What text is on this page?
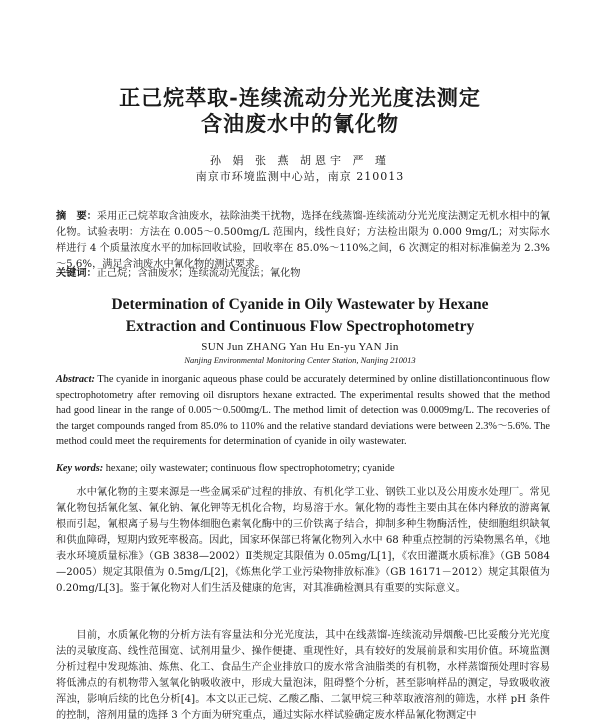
正己烷萃取-连续流动分光光度法测定
含油废水中的氰化物
孙 娟 张 燕 胡恩宇 严 瑾
南京市环境监测中心站，南京 210013
摘　要：采用正己烷萃取含油废水，祛除油类干扰物，选择在线蒸馏-连续流动分光光度法测定无机水相中的氰化物。试验表明：方法在 0.005～0.500mg/L 范围内，线性良好；方法检出限为 0.000 9mg/L；对实际水样进行 4 个质量浓度水平的加标回收试验，回收率在 85.0%～110%之间，6 次测定的相对标准偏差为 2.3%～5.6%，满足含油废水中氰化物的测试要求。
关键词：正己烷；含油废水；连续流动光度法；氰化物
Determination of Cyanide in Oily Wastewater by Hexane
Extraction and Continuous Flow Spectrophotometry
SUN Jun ZHANG Yan Hu En-yu YAN Jin
Nanjing Environmental Monitoring Center Station, Nanjing 210013
Abstract: The cyanide in inorganic aqueous phase could be accurately determined by online distillationcontinuous flow spectrophotometry after removing oil disruptors hexane extracted. The experimental results showed that the method had good linear in the range of 0.005～0.500mg/L. The method limit of detection was 0.0009mg/L. The recoveries of the target compounds ranged from 85.0% to 110% and the relative standard deviations were between 2.3%～5.6%. The method could meet the requirements for determination of cyanide in oily wastewater.
Key words: hexane; oily wastewater; continuous flow spectrophotometry; cyanide
水中氰化物的主要来源是一些金属采矿过程的排放、有机化学工业、钢铁工业以及公用废水处理厂。常见氰化物包括氰化氢、氰化钠、氰化钾等无机化合物，均易溶于水。氰化物的毒性主要由其在体内释放的游离氰根而引起，氰根离子易与生物体细胞色素氧化酶中的三价铁离子结合，抑制多种生物酶活性，使细胞组织缺氧和供血障碍，短期内致死率极高。因此，国家环保部已将氰化物列入水中 68 种重点控制的污染物黑名单，《地表水环境质量标准》（GB 3838—2002）Ⅱ类规定其限值为 0.05mg/L[1]，《农田灌溉水质标准》（GB 5084—2005）规定其限值为 0.5mg/L[2]，《炼焦化学工业污染物排放标准》（GB 16171－2012）规定其限值为 0.20mg/L[3]。鉴于氰化物对人们生活及健康的危害，对其准确检测具有重要的实际意义。
目前，水质氰化物的分析方法有容量法和分光光度法，其中在线蒸馏-连续流动异烟酸-巴比妥酸分光光度法的灵敏度高、线性范围宽、试剂用量少、操作便捷、重现性好，具有较好的发展前景和实用价值。环境监测分析过程中发现炼油、炼焦、化工、食品生产企业排放口的废水常含油脂类的有机物，水样蒸馏预处理时容易将低沸点的有机物带入氢氧化钠吸收液中，形成大量泡沫，阻碍整个分析，甚至影响样品的测定，导致吸收液浑浊，影响后续的比色分析[4]。本文以正己烷、乙酸乙酯、二氯甲烷三种萃取液溶剂的筛选，水样 pH 条件的控制，溶剂用量的选择 3 个方面为研究重点，通过实际水样试验确定废水样品氰化物测定中
